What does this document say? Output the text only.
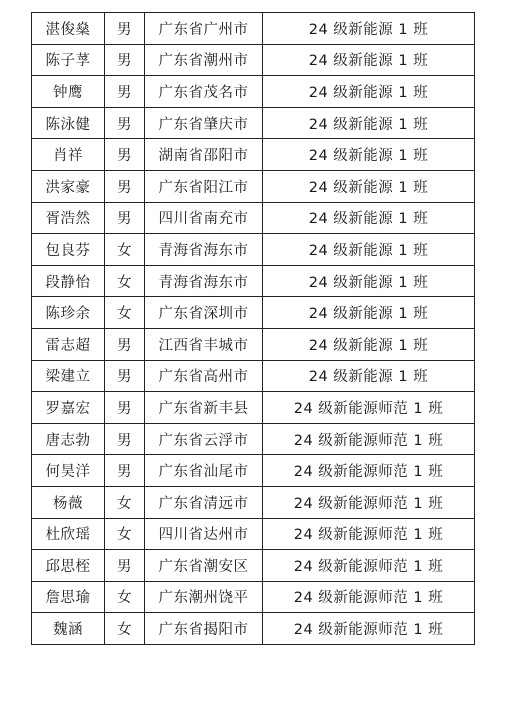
湛俊燊	男	广东省广州市	24 级新能源 1 班
陈子莩	男	广东省潮州市	24 级新能源 1 班
钟鹰	男	广东省茂名市	24 级新能源 1 班
陈泳健	男	广东省肇庆市	24 级新能源 1 班
肖祥	男	湖南省邵阳市	24 级新能源 1 班
洪家豪	男	广东省阳江市	24 级新能源 1 班
胥浩然	男	四川省南充市	24 级新能源 1 班
包良芬	女	青海省海东市	24 级新能源 1 班
段静怡	女	青海省海东市	24 级新能源 1 班
陈珍余	女	广东省深圳市	24 级新能源 1 班
雷志超	男	江西省丰城市	24 级新能源 1 班
梁建立	男	广东省高州市	24 级新能源 1 班
罗嘉宏	男	广东省新丰县	24 级新能源师范 1 班
唐志勃	男	广东省云浮市	24 级新能源师范 1 班
何昊洋	男	广东省汕尾市	24 级新能源师范 1 班
杨薇	女	广东省清远市	24 级新能源师范 1 班
杜欣瑶	女	四川省达州市	24 级新能源师范 1 班
邱思桎	男	广东省潮安区	24 级新能源师范 1 班
詹思瑜	女	广东潮州饶平	24 级新能源师范 1 班
魏涵	女	广东省揭阳市	24 级新能源师范 1 班
